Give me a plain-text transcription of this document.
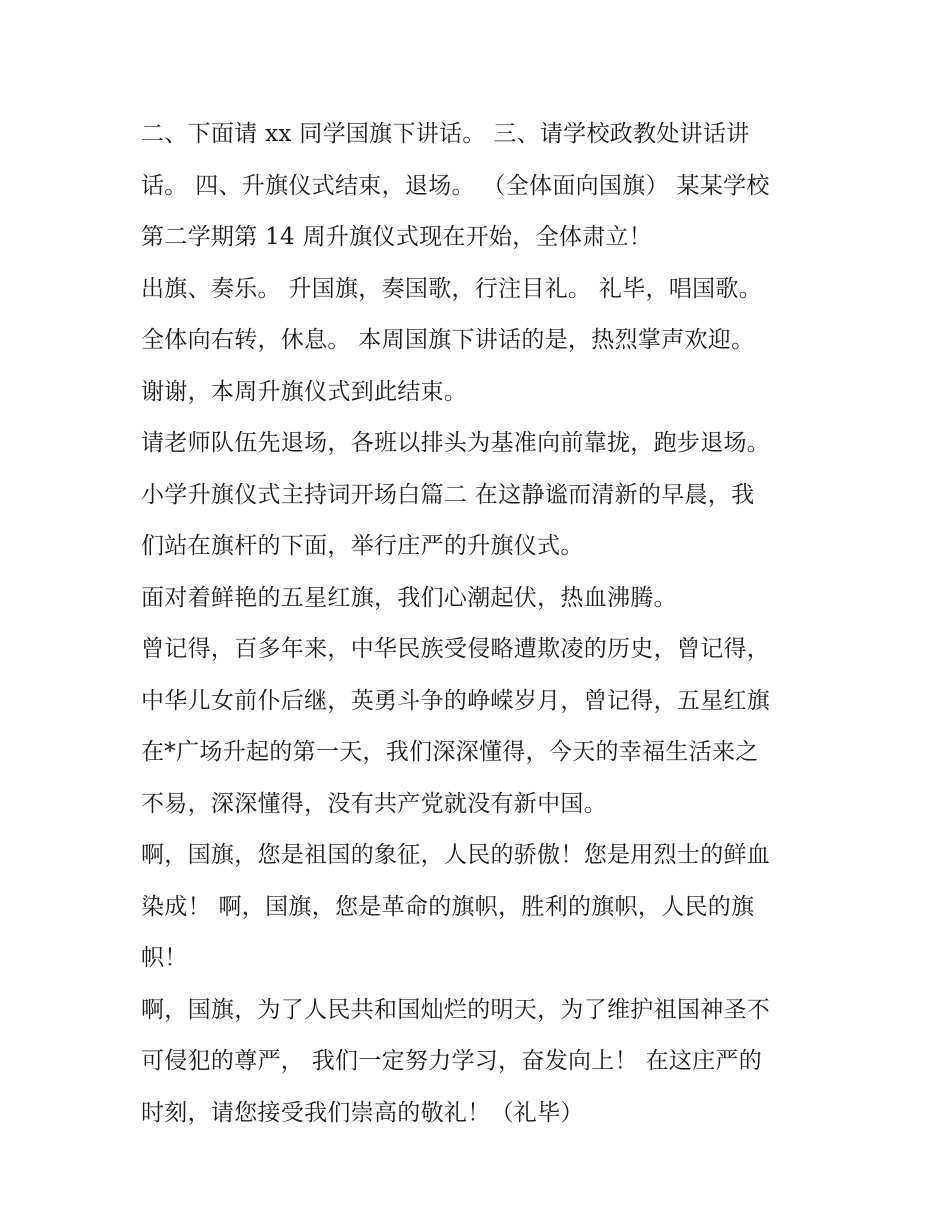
二、下面请 xx 同学国旗下讲话。 三、请学校政教处讲话讲
话。 四、升旗仪式结束，退场。 （全体面向国旗） 某某学校
第二学期第 14 周升旗仪式现在开始，全体肃立！
出旗、奏乐。 升国旗，奏国歌，行注目礼。 礼毕，唱国歌。
全体向右转，休息。 本周国旗下讲话的是，热烈掌声欢迎。
谢谢，本周升旗仪式到此结束。
请老师队伍先退场，各班以排头为基准向前靠拢，跑步退场。
小学升旗仪式主持词开场白篇二 在这静谧而清新的早晨，我
们站在旗杆的下面，举行庄严的升旗仪式。
面对着鲜艳的五星红旗，我们心潮起伏，热血沸腾。
曾记得，百多年来，中华民族受侵略遭欺凌的历史，曾记得，
中华儿女前仆后继，英勇斗争的峥嵘岁月，曾记得，五星红旗
在*广场升起的第一天，我们深深懂得，今天的幸福生活来之
不易，深深懂得，没有共产党就没有新中国。
啊，国旗，您是祖国的象征，人民的骄傲！您是用烈士的鲜血
染成！ 啊，国旗，您是革命的旗帜，胜利的旗帜，人民的旗
帜！
啊，国旗，为了人民共和国灿烂的明天，为了维护祖国神圣不
可侵犯的尊严， 我们一定努力学习，奋发向上！ 在这庄严的
时刻，请您接受我们崇高的敬礼！（礼毕）
